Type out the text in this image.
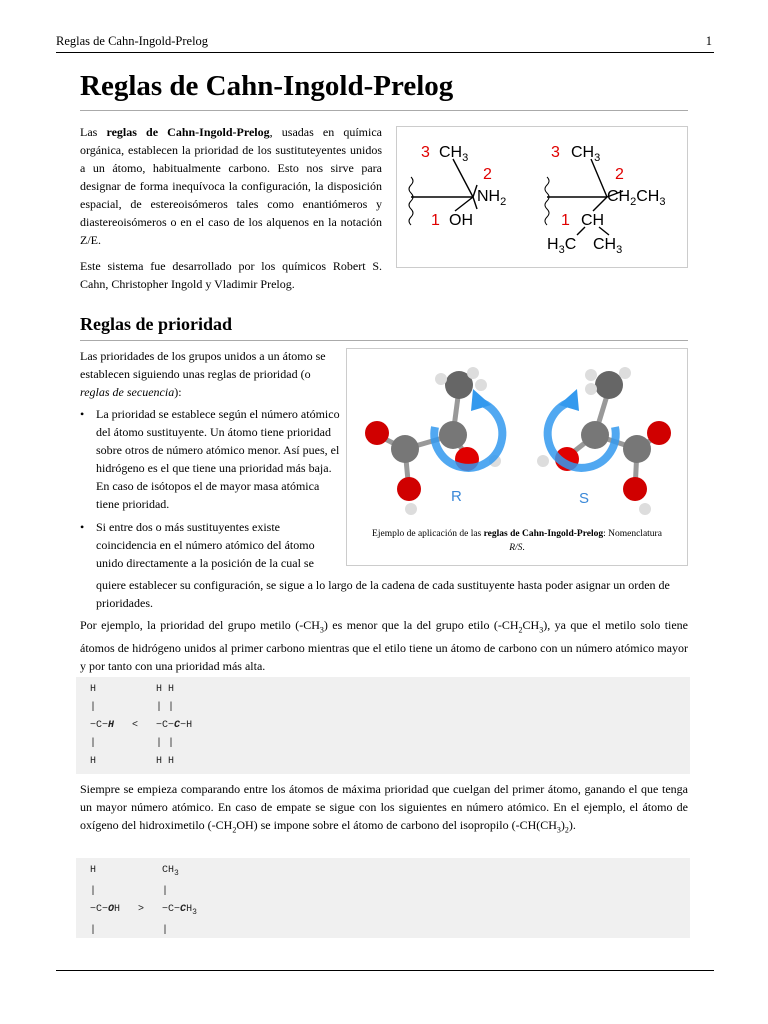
Reglas de Cahn-Ingold-Prelog	1
Reglas de Cahn-Ingold-Prelog

Las reglas de Cahn-Ingold-Prelog, usadas en química orgánica, establecen la prioridad de los sustituteyentes unidos a un átomo, habitualmente carbono. Esto nos sirve para designar de forma inequívoca la configuración, la disposición espacial, de estereoisómeros tales como enantiómeros y diastereoisómeros o en el caso de los alquenos en la notación Z/E.

Este sistema fue desarrollado por los químicos Robert S. Cahn, Christopher Ingold y Vladimir Prelog.

3 $CH_3$
2
$NH_2$
1 OH
3 $CH_3$
2
$CH_2CH_3$
1 CH
$H_3C$ $CH_3$
Reglas de prioridad

Las prioridades de los grupos unidos a un átomo se establecen siguiendo unas reglas de prioridad (o reglas de secuencia):

• La prioridad se establece según el número atómico del átomo sustituyente. Un átomo tiene prioridad sobre otros de número atómico menor. Así pues, el hidrógeno es el que tiene una prioridad más baja. En caso de isótopos el de mayor masa atómica tiene prioridad.
• Si entre dos o más sustituyentes existe coincidencia en el número atómico del átomo unido directamente a la posición de la cual se
R	S
Ejemplo de aplicación de las reglas de Cahn-Ingold-Prelog: Nomenclatura
R/S.
quiere establecer su configuración, se sigue a lo largo de la cadena de cada sustituyente hasta poder asignar un orden de prioridades.
Por ejemplo, la prioridad del grupo metilo $(-CH_3)$ es menor que la del grupo etilo $(-CH_2CH_3)$, ya que el metilo solo tiene átomos de hidrógeno unidos al primer carbono mientras que el etilo tiene un átomo de carbono con un número atómico mayor y por tanto con una prioridad más alta.
H          H H
|          | |
−C−H   <   −C−C−H
|          | |
H          H H
Siempre se empieza comparando entre los átomos de máxima prioridad que cuelgan del primer átomo, ganando el que tenga un mayor número atómico. En caso de empate se sigue con los siguientes en número atómico. En el ejemplo, el átomo de oxígeno del hidroximetilo $(-CH_2OH)$ se impone sobre el átomo de carbono del isopropilo $(-CH(CH_3)_2)$.
H           $CH_3$
|           |
$-C-OH > -C-CH_3$
|           |
